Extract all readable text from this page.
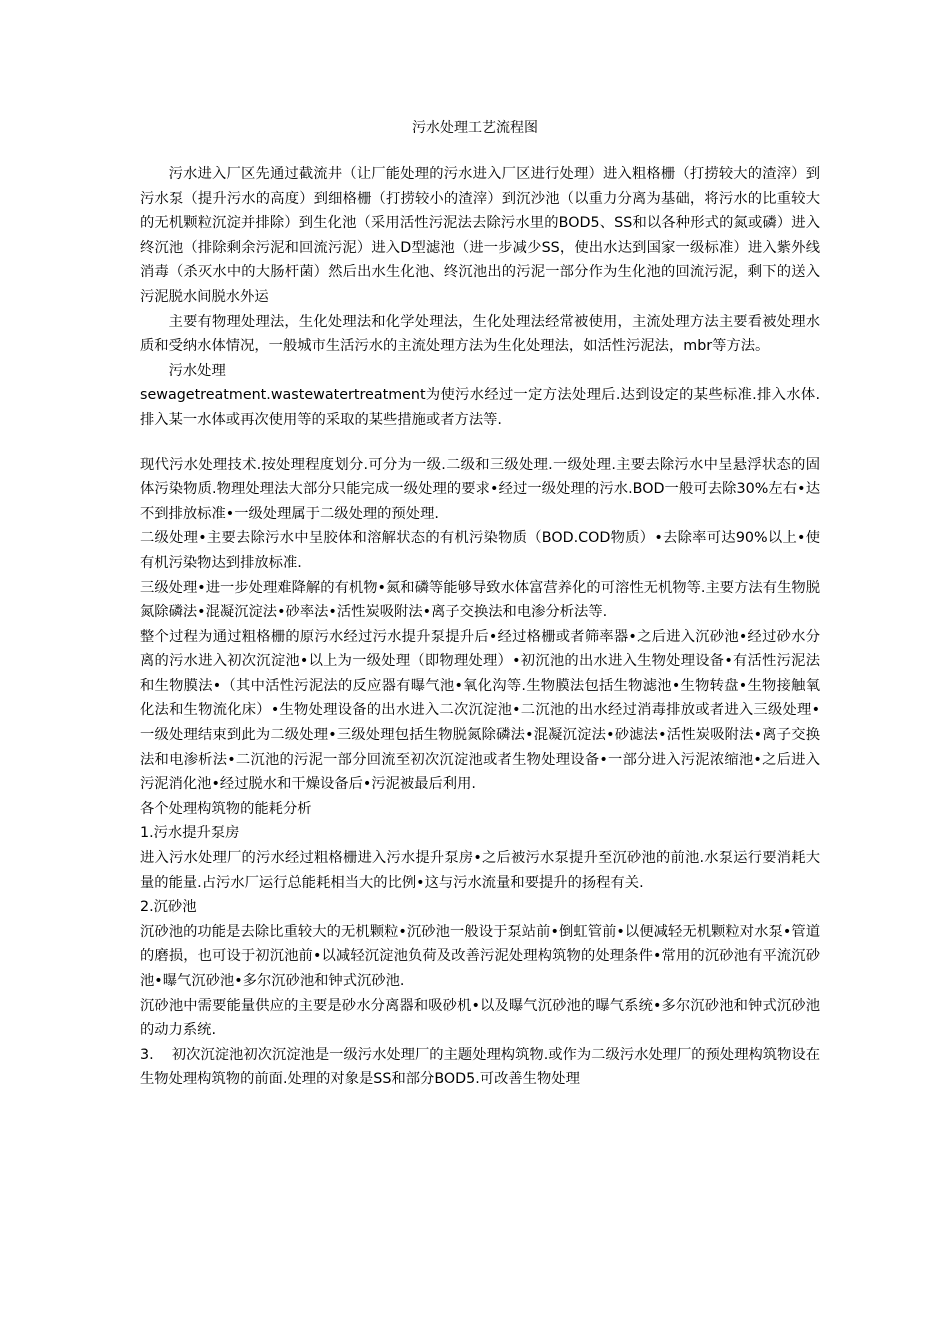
污水处理工艺流程图

污水进入厂区先通过截流井（让厂能处理的污水进入厂区进行处理）进入粗格栅（打捞较大的渣滓）到污水泵（提升污水的高度）到细格栅（打捞较小的渣滓）到沉沙池（以重力分离为基础，将污水的比重较大的无机颗粒沉淀并排除）到生化池（采用活性污泥法去除污水里的BOD5、SS和以各种形式的氮或磷）进入终沉池（排除剩余污泥和回流污泥）进入D型滤池（进一步减少SS，使出水达到国家一级标准）进入紫外线消毒（杀灭水中的大肠杆菌）然后出水生化池、终沉池出的污泥一部分作为生化池的回流污泥，剩下的送入污泥脱水间脱水外运

主要有物理处理法，生化处理法和化学处理法，生化处理法经常被使用，主流处理方法主要看被处理水质和受纳水体情况，一般城市生活污水的主流处理方法为生化处理法，如活性污泥法，mbr等方法。

污水处理

sewagetreatment.wastewatertreatment为使污水经过一定方法处理后.达到设定的某些标准.排入水体.排入某一水体或再次使用等的采取的某些措施或者方法等.

现代污水处理技术.按处理程度划分.可分为一级.二级和三级处理.一级处理.主要去除污水中呈悬浮状态的固体污染物质.物理处理法大部分只能完成一级处理的要求•经过一级处理的污水.BOD一般可去除30%左右•达不到排放标准•一级处理属于二级处理的预处理.

二级处理•主要去除污水中呈胶体和溶解状态的有机污染物质（BOD.COD物质）•去除率可达90%以上•使有机污染物达到排放标准.

三级处理•进一步处理难降解的有机物•氮和磷等能够导致水体富营养化的可溶性无机物等.主要方法有生物脱氮除磷法•混凝沉淀法•砂率法•活性炭吸附法•离子交换法和电渗分析法等.

整个过程为通过粗格栅的原污水经过污水提升泵提升后•经过格栅或者筛率器•之后进入沉砂池•经过砂水分离的污水进入初次沉淀池•以上为一级处理（即物理处理）•初沉池的出水进入生物处理设备•有活性污泥法和生物膜法•（其中活性污泥法的反应器有曝气池•氧化沟等.生物膜法包括生物滤池•生物转盘•生物接触氧化法和生物流化床）•生物处理设备的出水进入二次沉淀池•二沉池的出水经过消毒排放或者进入三级处理•一级处理结束到此为二级处理•三级处理包括生物脱氮除磷法•混凝沉淀法•砂滤法•活性炭吸附法•离子交换法和电渗析法•二沉池的污泥一部分回流至初次沉淀池或者生物处理设备•一部分进入污泥浓缩池•之后进入污泥消化池•经过脱水和干燥设备后•污泥被最后利用.

各个处理构筑物的能耗分析

1.污水提升泵房

进入污水处理厂的污水经过粗格栅进入污水提升泵房•之后被污水泵提升至沉砂池的前池.水泵运行要消耗大量的能量.占污水厂运行总能耗相当大的比例•这与污水流量和要提升的扬程有关.

2.沉砂池

沉砂池的功能是去除比重较大的无机颗粒•沉砂池一般设于泵站前•倒虹管前•以便减轻无机颗粒对水泵•管道的磨损，也可设于初沉池前•以减轻沉淀池负荷及改善污泥处理构筑物的处理条件•常用的沉砂池有平流沉砂池•曝气沉砂池•多尔沉砂池和钟式沉砂池.

沉砂池中需要能量供应的主要是砂水分离器和吸砂机•以及曝气沉砂池的曝气系统•多尔沉砂池和钟式沉砂池的动力系统.

3.    初次沉淀池初次沉淀池是一级污水处理厂的主题处理构筑物.或作为二级污水处理厂的预处理构筑物设在生物处理构筑物的前面.处理的对象是SS和部分BOD5.可改善生物处理
